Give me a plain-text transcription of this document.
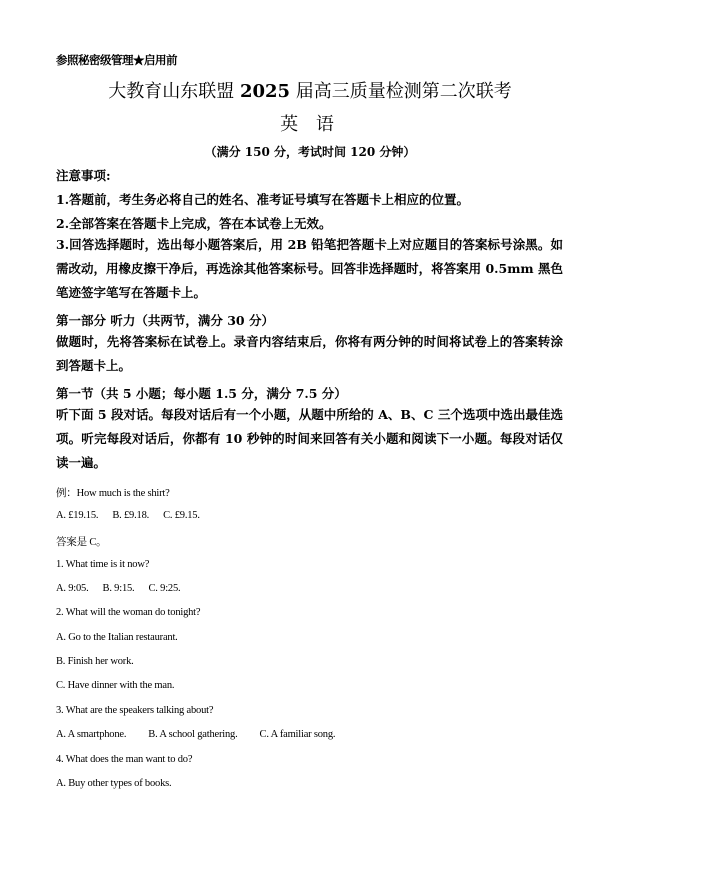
参照秘密级管理★启用前
大教育山东联盟 2025 届高三质量检测第二次联考
英 语
（满分 150 分，考试时间 120 分钟）
注意事项:
1.答题前，考生务必将自己的姓名、准考证号填写在答题卡上相应的位置。
2.全部答案在答题卡上完成，答在本试卷上无效。
3.回答选择题时，选出每小题答案后，用 2B 铅笔把答题卡上对应题目的答案标号涂黑。如需改动，用橡皮擦干净后，再选涂其他答案标号。回答非选择题时，将答案用 0.5mm 黑色笔迹签字笔写在答题卡上。
第一部分 听力（共两节，满分 30 分）
做题时，先将答案标在试卷上。录音内容结束后，你将有两分钟的时间将试卷上的答案转涂到答题卡上。
第一节（共 5 小题；每小题 1.5 分，满分 7.5 分）
听下面 5 段对话。每段对话后有一个小题，从题中所给的 A、B、C 三个选项中选出最佳选项。听完每段对话后，你都有 10 秒钟的时间来回答有关小题和阅读下一小题。每段对话仅读一遍。
例：How much is the shirt?
A. £19.15. B. £9.18. C. £9.15.
答案是 C。
1. What time is it now?
A. 9:05. B. 9:15. C. 9:25.
2. What will the woman do tonight?
A. Go to the Italian restaurant.
B. Finish her work.
C. Have dinner with the man.
3. What are the speakers talking about?
A. A smartphone. B. A school gathering. C. A familiar song.
4. What does the man want to do?
A. Buy other types of books.
